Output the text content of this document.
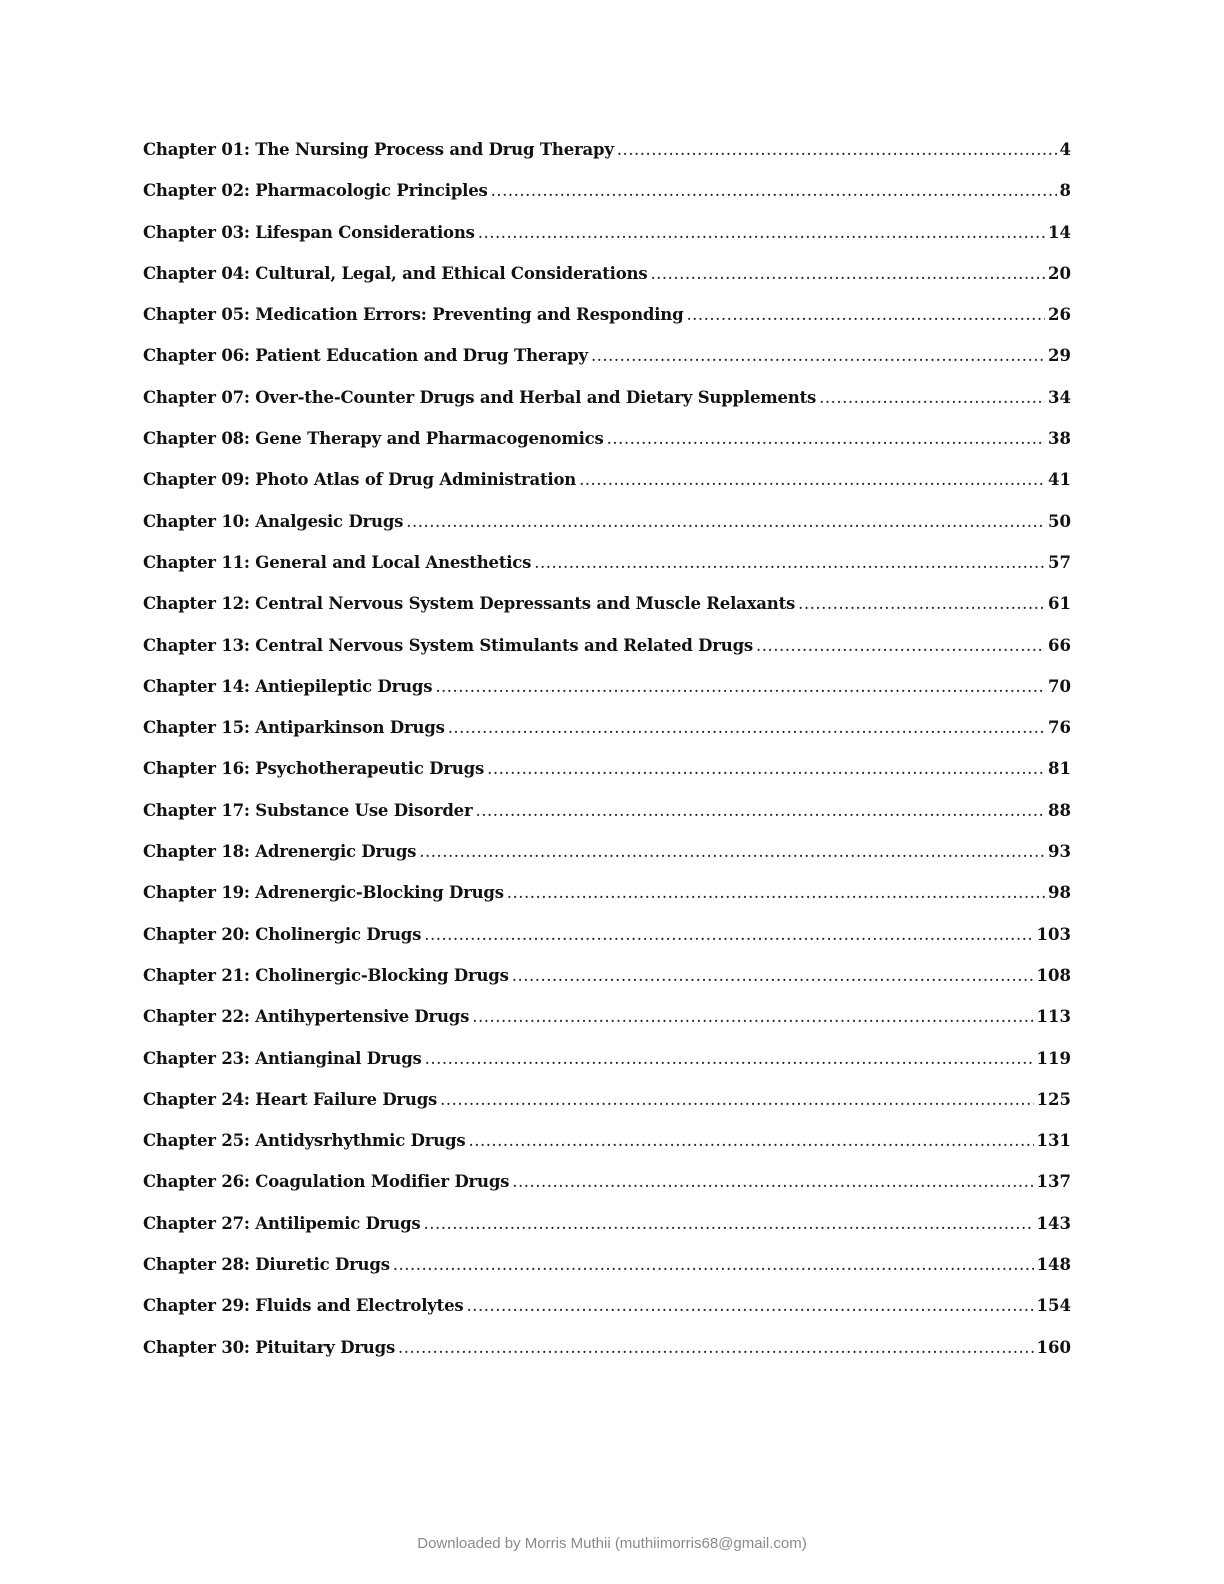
Chapter 01: The Nursing Process and Drug Therapy .....	4
Chapter 02: Pharmacologic Principles .....	8
Chapter 03: Lifespan Considerations .....	14
Chapter 04: Cultural, Legal, and Ethical Considerations .....	20
Chapter 05: Medication Errors: Preventing and Responding .....	26
Chapter 06: Patient Education and Drug Therapy .....	29
Chapter 07: Over-the-Counter Drugs and Herbal and Dietary Supplements .....	34
Chapter 08: Gene Therapy and Pharmacogenomics .....	38
Chapter 09: Photo Atlas of Drug Administration .....	41
Chapter 10: Analgesic Drugs .....	50
Chapter 11: General and Local Anesthetics .....	57
Chapter 12: Central Nervous System Depressants and Muscle Relaxants .....	61
Chapter 13: Central Nervous System Stimulants and Related Drugs .....	66
Chapter 14: Antiepileptic Drugs .....	70
Chapter 15: Antiparkinson Drugs .....	76
Chapter 16: Psychotherapeutic Drugs .....	81
Chapter 17: Substance Use Disorder .....	88
Chapter 18: Adrenergic Drugs .....	93
Chapter 19: Adrenergic-Blocking Drugs .....	98
Chapter 20: Cholinergic Drugs .....	103
Chapter 21: Cholinergic-Blocking Drugs .....	108
Chapter 22: Antihypertensive Drugs .....	113
Chapter 23: Antianginal Drugs .....	119
Chapter 24: Heart Failure Drugs .....	125
Chapter 25: Antidysrhythmic Drugs .....	131
Chapter 26: Coagulation Modifier Drugs .....	137
Chapter 27: Antilipemic Drugs .....	143
Chapter 28: Diuretic Drugs .....	148
Chapter 29: Fluids and Electrolytes .....	154
Chapter 30: Pituitary Drugs .....	160
Downloaded by Morris Muthii (muthiimorris68@gmail.com)
